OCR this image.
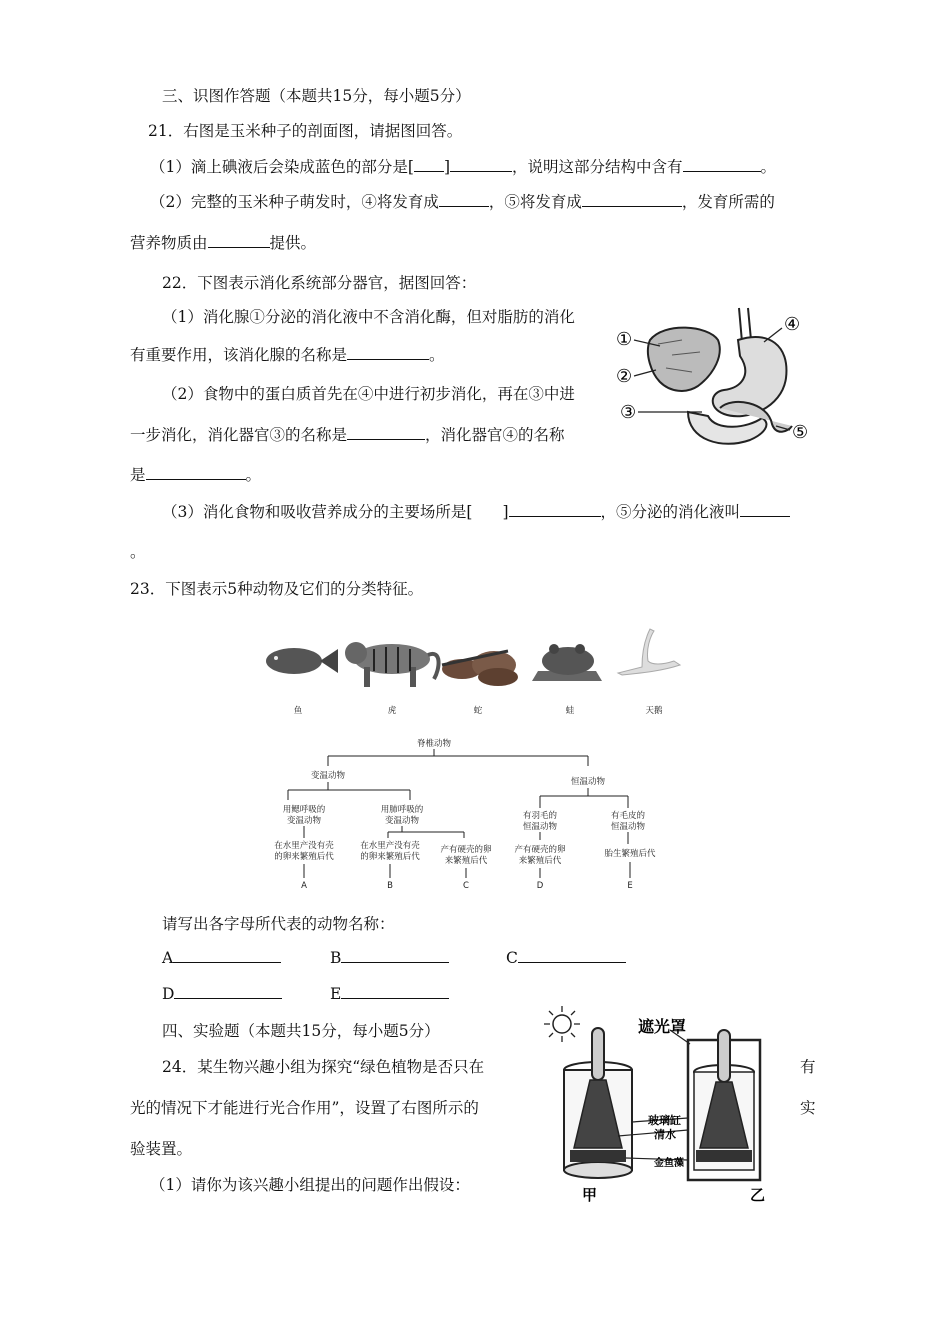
三、识图作答题（本题共15分，每小题5分）
21．右图是玉米种子的剖面图，请据图回答。
（1）滴上碘液后会染成蓝色的部分是[ ]	，说明这部分结构中含有	。
（2）完整的玉米种子萌发时，④将发育成	，⑤将发育成	，发育所需的
营养物质由	提供。
22．下图表示消化系统部分器官，据图回答：
（1）消化腺①分泌的消化液中不含消化酶，但对脂肪的消化
有重要作用，该消化腺的名称是	。
（2）食物中的蛋白质首先在④中进行初步消化，再在③中进
一步消化，消化器官③的名称是	，消化器官④的名称
是	。
（3）消化食物和吸收营养成分的主要场所是[ ]	，⑤分泌的消化液叫
。
①
②
③
④
⑤
23．下图表示5种动物及它们的分类特征。
鱼	虎	蛇	蛙	天鹅
脊椎动物
变温动物
恒温动物
用鳃呼吸的
变温动物
用肺呼吸的
变温动物	有羽毛的
恒温动物
有毛皮的
恒温动物
在水里产没有壳
的卵来繁殖后代
在水里产没有壳
的卵来繁殖后代
产有硬壳的卵
来繁殖后代
产有硬壳的卵
来繁殖后代
胎生繁殖后代
A	B	C	D	E
请写出各字母所代表的动物名称：
A	B	C
D	E
四、实验题（本题共15分，每小题5分）
24．某生物兴趣小组为探究“绿色植物是否只在	有
光的情况下才能进行光合作用”，设置了右图所示的	实
验装置。
（1）请你为该兴趣小组提出的问题作出假设：
遮光罩
玻璃缸
清水
金鱼藻
甲	乙
